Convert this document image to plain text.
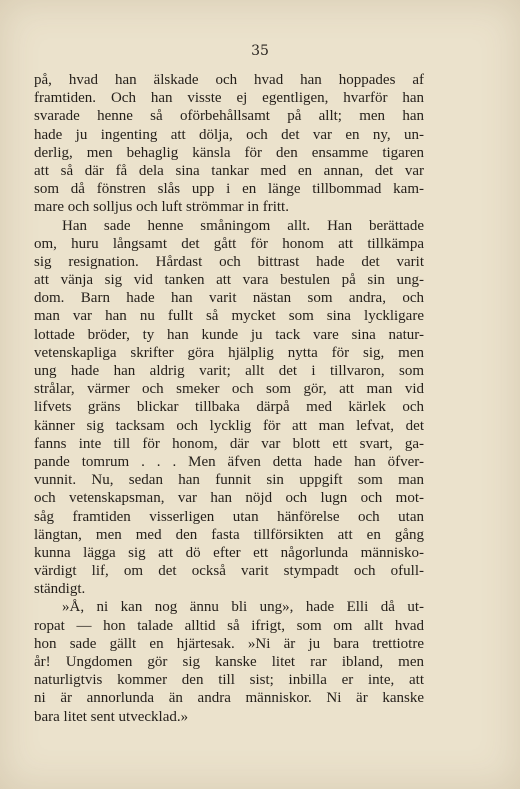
35
på, hvad han älskade och hvad han hoppades af
framtiden. Och han visste ej egentligen, hvarför han
svarade henne så oförbehållsamt på allt; men han
hade ju ingenting att dölja, och det var en ny, un-
derlig, men behaglig känsla för den ensamme tigaren
att så där få dela sina tankar med en annan, det var
som då fönstren slås upp i en länge tillbommad kam-
mare och solljus och luft strömmar in fritt.
Han sade henne småningom allt. Han berättade
om, huru långsamt det gått för honom att tillkämpa
sig resignation. Hårdast och bittrast hade det varit
att vänja sig vid tanken att vara bestulen på sin ung-
dom. Barn hade han varit nästan som andra, och
man var han nu fullt så mycket som sina lyckligare
lottade bröder, ty han kunde ju tack vare sina natur-
vetenskapliga skrifter göra hjälplig nytta för sig, men
ung hade han aldrig varit; allt det i tillvaron, som
strålar, värmer och smeker och som gör, att man vid
lifvets gräns blickar tillbaka därpå med kärlek och
känner sig tacksam och lycklig för att man lefvat, det
fanns inte till för honom, där var blott ett svart, ga-
pande tomrum . . . Men äfven detta hade han öfver-
vunnit. Nu, sedan han funnit sin uppgift som man
och vetenskapsman, var han nöjd och lugn och mot-
såg framtiden visserligen utan hänförelse och utan
längtan, men med den fasta tillförsikten att en gång
kunna lägga sig att dö efter ett någorlunda människo-
värdigt lif, om det också varit stympadt och ofull-
ständigt.
»Å, ni kan nog ännu bli ung», hade Elli då ut-
ropat — hon talade alltid så ifrigt, som om allt hvad
hon sade gällt en hjärtesak. »Ni är ju bara trettiotre
år! Ungdomen gör sig kanske litet rar ibland, men
naturligtvis kommer den till sist; inbilla er inte, att
ni är annorlunda än andra människor. Ni är kanske
bara litet sent utvecklad.»
